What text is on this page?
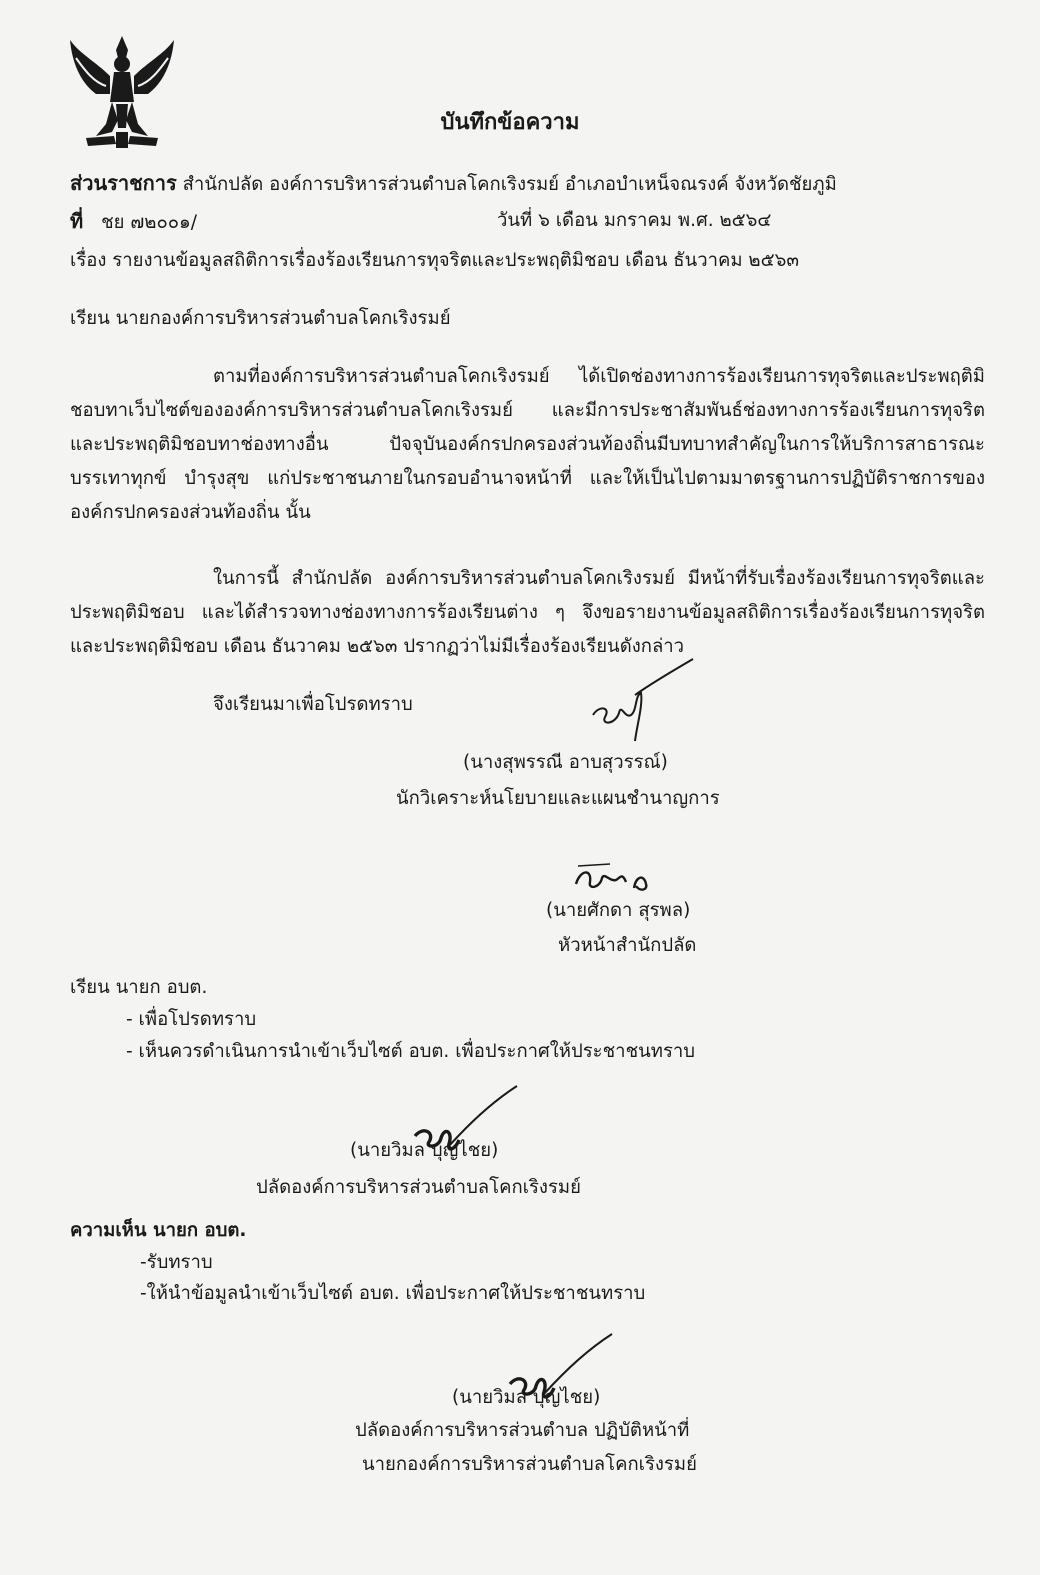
บันทึกข้อความ
ส่วนราชการ สำนักปลัด องค์การบริหารส่วนตำบลโคกเริงรมย์ อำเภอบำเหน็จณรงค์ จังหวัดชัยภูมิ
ที่ ชย ๗๒๐๐๑/	วันที่ ๖ เดือน มกราคม พ.ศ. ๒๕๖๔
เรื่อง รายงานข้อมูลสถิติการเรื่องร้องเรียนการทุจริตและประพฤติมิชอบ เดือน ธันวาคม ๒๕๖๓
เรียน นายกองค์การบริหารส่วนตำบลโคกเริงรมย์
ตามที่องค์การบริหารส่วนตำบลโคกเริงรมย์ ได้เปิดช่องทางการร้องเรียนการทุจริตและประพฤติมิ
ชอบทาเว็บไซต์ขององค์การบริหารส่วนตำบลโคกเริงรมย์ และมีการประชาสัมพันธ์ช่องทางการร้องเรียนการทุจริต
และประพฤติมิชอบทาช่องทางอื่น ปัจจุบันองค์กรปกครองส่วนท้องถิ่นมีบทบาทสำคัญในการให้บริการสาธารณะ
บรรเทาทุกข์ บำรุงสุข แก่ประชาชนภายในกรอบอำนาจหน้าที่ และให้เป็นไปตามมาตรฐานการปฏิบัติราชการของ
องค์กรปกครองส่วนท้องถิ่น นั้น
ในการนี้ สำนักปลัด องค์การบริหารส่วนตำบลโคกเริงรมย์ มีหน้าที่รับเรื่องร้องเรียนการทุจริตและ
ประพฤติมิชอบ และได้สำรวจทางช่องทางการร้องเรียนต่าง ๆ จึงขอรายงานข้อมูลสถิติการเรื่องร้องเรียนการทุจริต
และประพฤติมิชอบ เดือน ธันวาคม ๒๕๖๓ ปรากฏว่าไม่มีเรื่องร้องเรียนดังกล่าว
จึงเรียนมาเพื่อโปรดทราบ
(นางสุพรรณี อาบสุวรรณ์)
นักวิเคราะห์นโยบายและแผนชำนาญการ
(นายศักดา สุรพล)
หัวหน้าสำนักปลัด
เรียน นายก อบต.
- เพื่อโปรดทราบ
- เห็นควรดำเนินการนำเข้าเว็บไซต์ อบต. เพื่อประกาศให้ประชาชนทราบ
(นายวิมล บุญไชย)
ปลัดองค์การบริหารส่วนตำบลโคกเริงรมย์
ความเห็น นายก อบต.
-รับทราบ
-ให้นำข้อมูลนำเข้าเว็บไซต์ อบต. เพื่อประกาศให้ประชาชนทราบ
(นายวิมล บุญไชย)
ปลัดองค์การบริหารส่วนตำบล ปฏิบัติหน้าที่
นายกองค์การบริหารส่วนตำบลโคกเริงรมย์
